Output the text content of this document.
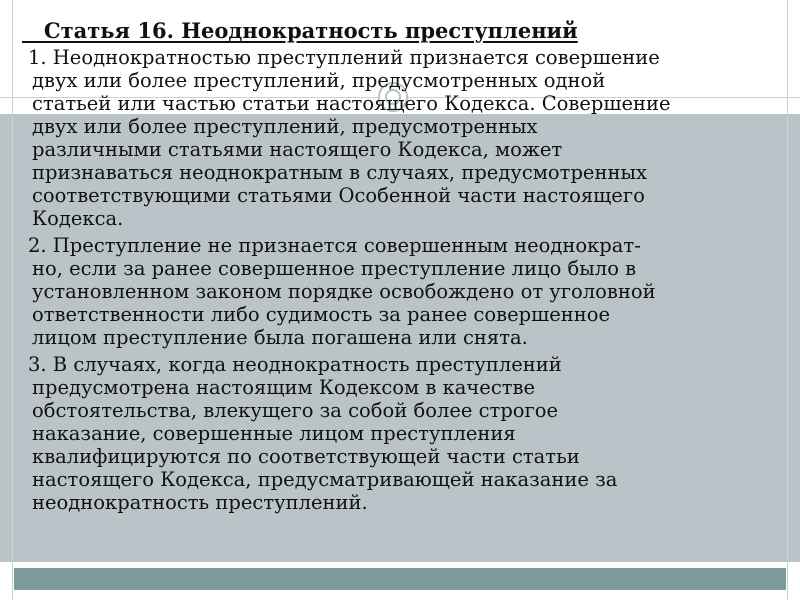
Статья 16. Неоднократность преступлений
1. Неоднократностью преступлений признается совершение
двух или более преступлений, предусмотренных одной
статьей или частью статьи настоящего Кодекса. Совершение
двух или более преступлений, предусмотренных
различными статьями настоящего Кодекса, может
признаваться неоднократным в случаях, предусмотренных
соответствующими статьями Особенной части настоящего
Кодекса.
2. Преступление не признается совершенным неоднократ-
но, если за ранее совершенное преступление лицо было в
установленном законом порядке освобождено от уголовной
ответственности либо судимость за ранее совершенное
лицом преступление была погашена или снята.
3. В случаях, когда неоднократность преступлений
предусмотрена настоящим Кодексом в качестве
обстоятельства, влекущего за собой более строгое
наказание, совершенные лицом преступления
квалифицируются по соответствующей части статьи
настоящего Кодекса, предусматривающей наказание за
неоднократность преступлений.
